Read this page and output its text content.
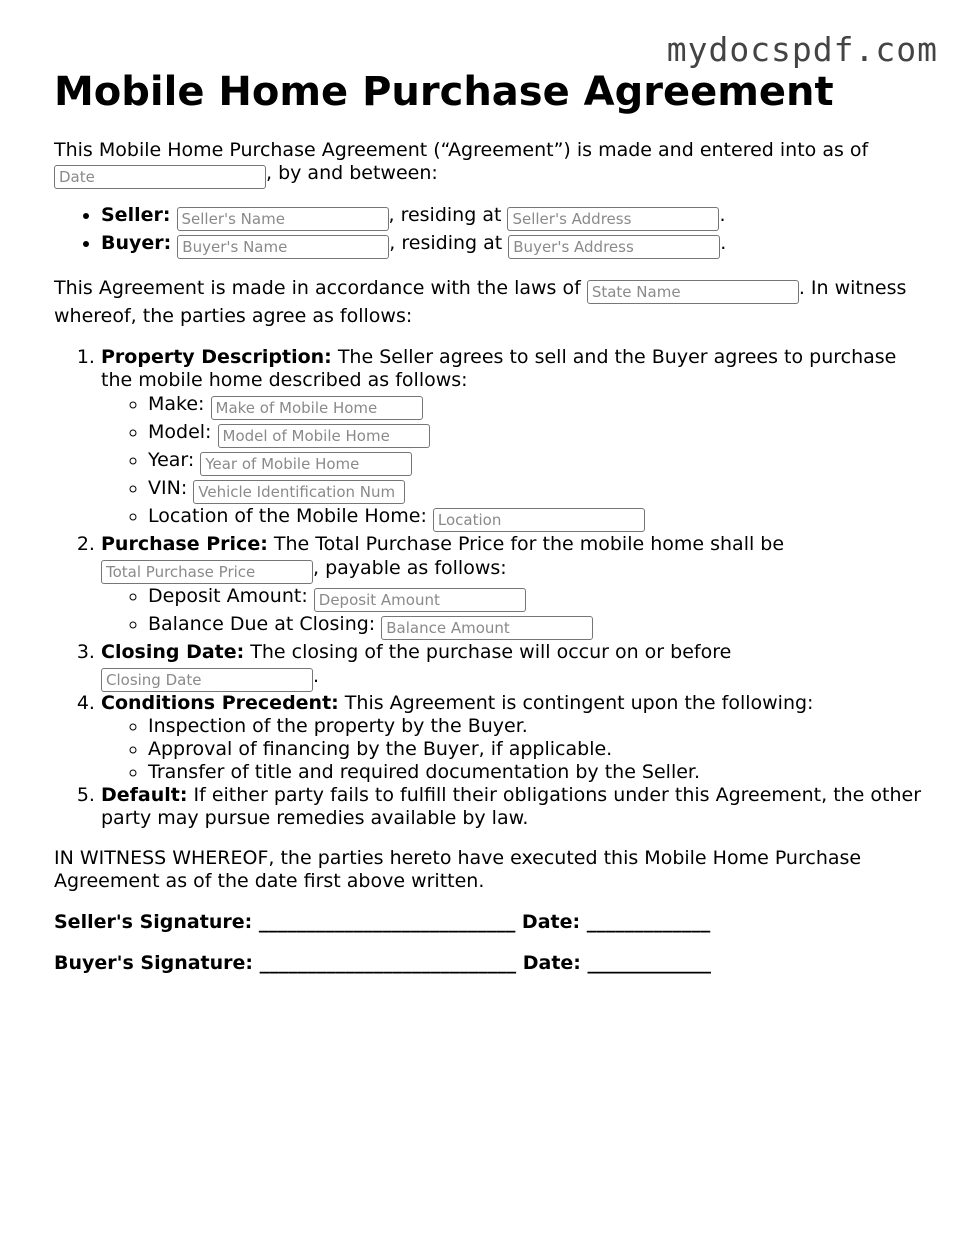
mydocspdf.com
Mobile Home Purchase Agreement

This Mobile Home Purchase Agreement (“Agreement”) is made and entered into as of Date, by and between:

• Seller: Seller's Name	, residing at Seller's Address	.
• Buyer: Buyer's Name	, residing at Buyer's Address	.

This Agreement is made in accordance with the laws of State Name	. In witness whereof, the parties agree as follows:

1. Property Description: The Seller agrees to sell and the Buyer agrees to purchase the mobile home described as follows:
◦ Make: Make of Mobile Home
◦ Model: Model of Mobile Home
◦ Year: Year of Mobile Home
◦ VIN: Vehicle Identification Num
◦ Location of the Mobile Home: Location
2. Purchase Price: The Total Purchase Price for the mobile home shall be Total Purchase Price, payable as follows:
◦ Deposit Amount: Deposit Amount
◦ Balance Due at Closing: Balance Amount
3. Closing Date: The closing of the purchase will occur on or before Closing Date.
4. Conditions Precedent: This Agreement is contingent upon the following:
◦ Inspection of the property by the Buyer.
◦ Approval of financing by the Buyer, if applicable.
◦ Transfer of title and required documentation by the Seller.
5. Default: If either party fails to fulfill their obligations under this Agreement, the other party may pursue remedies available by law.

IN WITNESS WHEREOF, the parties hereto have executed this Mobile Home Purchase Agreement as of the date first above written.

Seller's Signature: ___________________________ Date: _____________

Buyer's Signature: ___________________________ Date: _____________
